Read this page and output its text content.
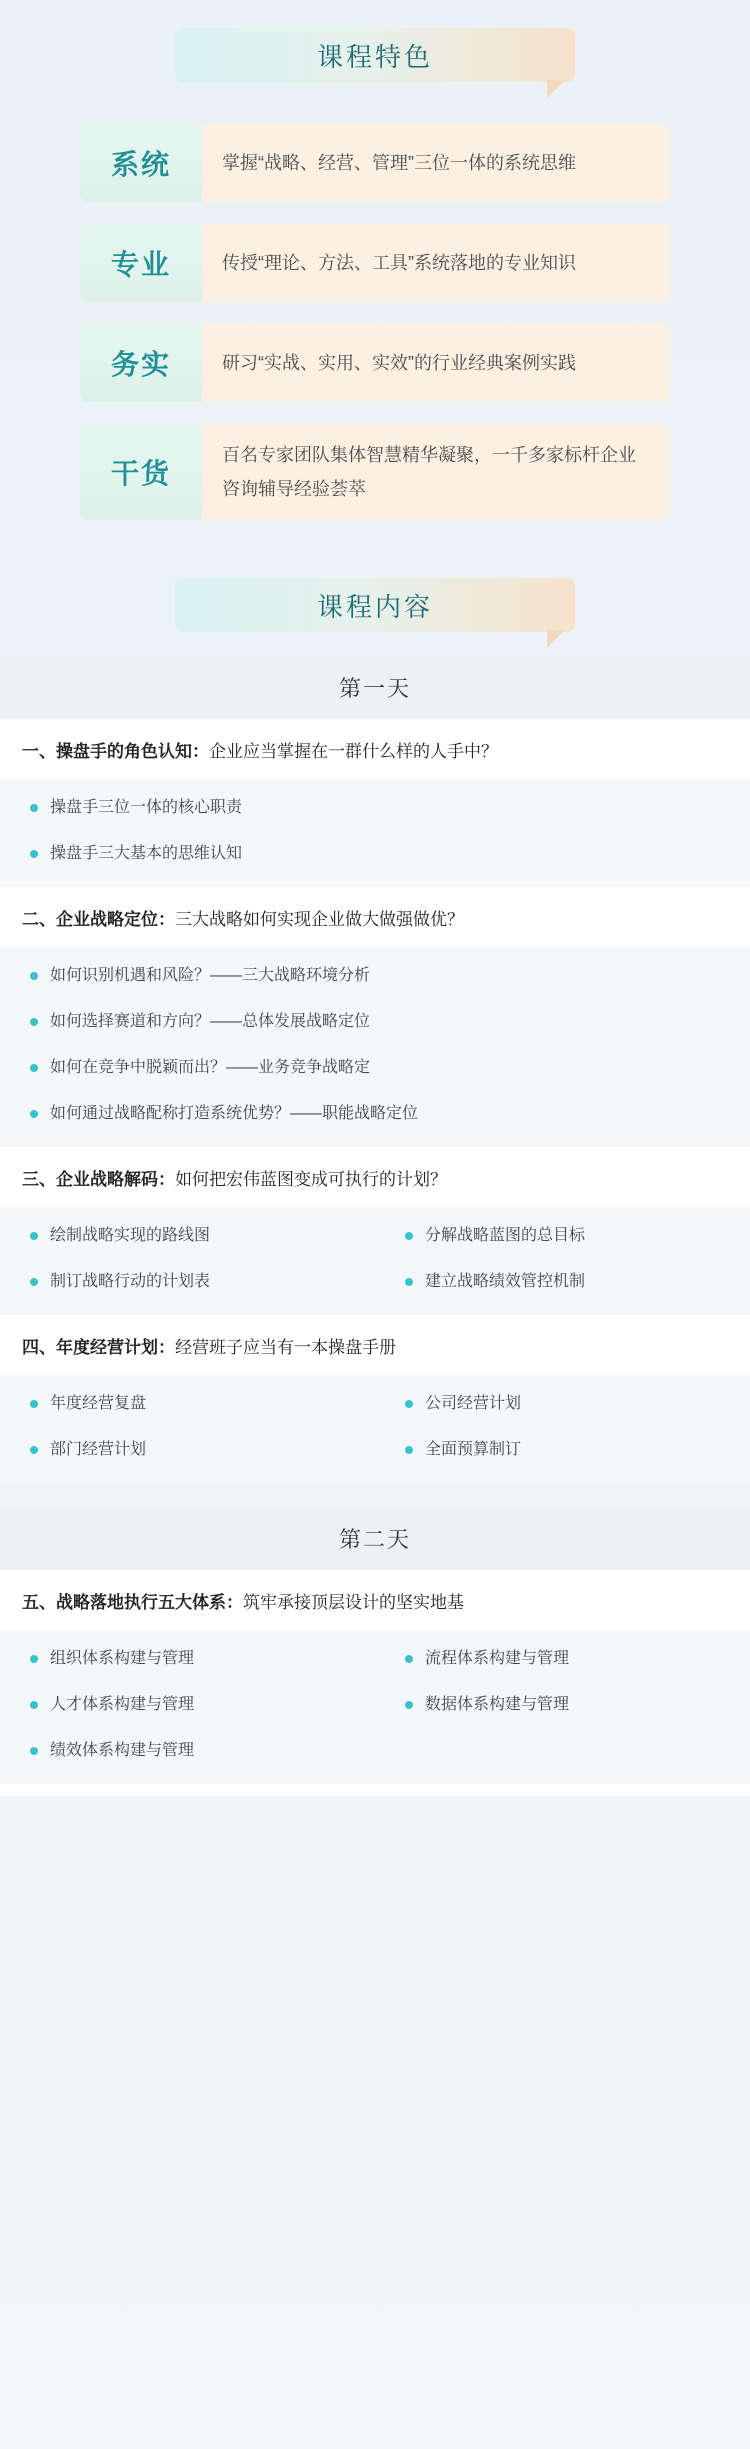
课程特色
系统	掌握“战略、经营、管理”三位一体的系统思维
专业	传授“理论、方法、工具”系统落地的专业知识
务实	研习“实战、实用、实效”的行业经典案例实践
干货
百名专家团队集体智慧精华凝聚，一千多家标杆企业咨询辅导经验荟萃
课程内容
第一天
一、操盘手的角色认知：企业应当掌握在一群什么样的人手中？
操盘手三位一体的核心职责
操盘手三大基本的思维认知
二、企业战略定位：三大战略如何实现企业做大做强做优？
如何识别机遇和风险？——三大战略环境分析
如何选择赛道和方向？——总体发展战略定位
如何在竞争中脱颖而出？——业务竞争战略定
如何通过战略配称打造系统优势？——职能战略定位
三、企业战略解码：如何把宏伟蓝图变成可执行的计划？
绘制战略实现的路线图	分解战略蓝图的总目标
制订战略行动的计划表	建立战略绩效管控机制
四、年度经营计划：经营班子应当有一本操盘手册
年度经营复盘	公司经营计划
部门经营计划	全面预算制订
第二天
五、战略落地执行五大体系：筑牢承接顶层设计的坚实地基
组织体系构建与管理	流程体系构建与管理
人才体系构建与管理	数据体系构建与管理
绩效体系构建与管理
